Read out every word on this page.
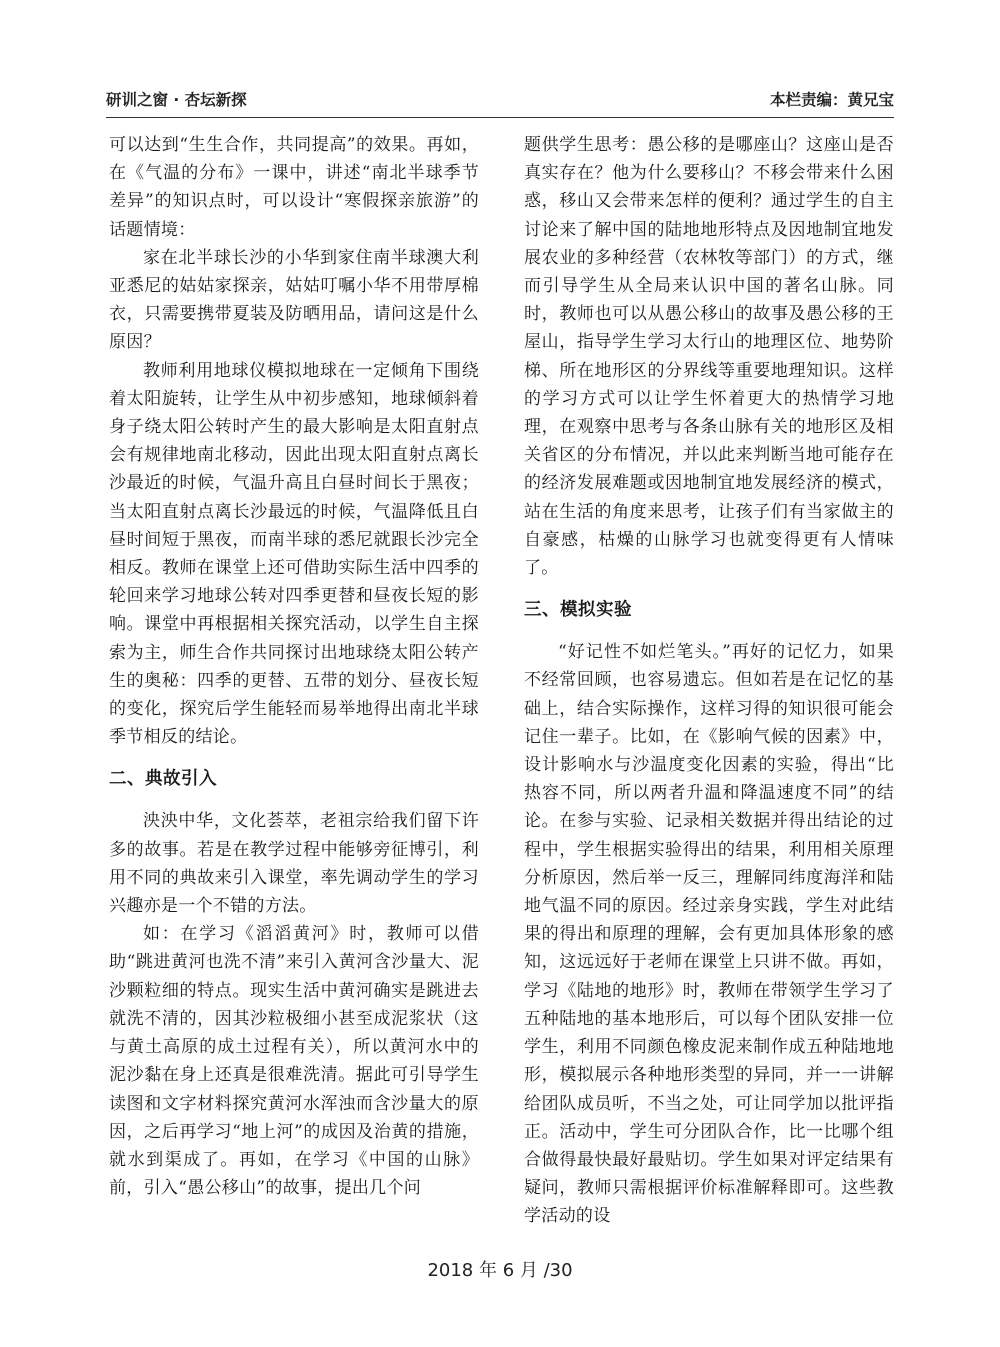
研训之窗 · 杏坛新探	本栏责编：黄兄宝

可以达到“生生合作，共同提高”的效果。再如，在《气温的分布》一课中，讲述“南北半球季节差异”的知识点时，可以设计“寒假探亲旅游”的话题情境：

家在北半球长沙的小华到家住南半球澳大利亚悉尼的姑姑家探亲，姑姑叮嘱小华不用带厚棉衣，只需要携带夏装及防晒用品，请问这是什么原因？

教师利用地球仪模拟地球在一定倾角下围绕着太阳旋转，让学生从中初步感知，地球倾斜着身子绕太阳公转时产生的最大影响是太阳直射点会有规律地南北移动，因此出现太阳直射点离长沙最近的时候，气温升高且白昼时间长于黑夜；当太阳直射点离长沙最远的时候，气温降低且白昼时间短于黑夜，而南半球的悉尼就跟长沙完全相反。教师在课堂上还可借助实际生活中四季的轮回来学习地球公转对四季更替和昼夜长短的影响。课堂中再根据相关探究活动，以学生自主探索为主，师生合作共同探讨出地球绕太阳公转产生的奥秘：四季的更替、五带的划分、昼夜长短的变化，探究后学生能轻而易举地得出南北半球季节相反的结论。

二、典故引入

泱泱中华，文化荟萃，老祖宗给我们留下许多的故事。若是在教学过程中能够旁征博引，利用不同的典故来引入课堂，率先调动学生的学习兴趣亦是一个不错的方法。

如：在学习《滔滔黄河》时，教师可以借助“跳进黄河也洗不清”来引入黄河含沙量大、泥沙颗粒细的特点。现实生活中黄河确实是跳进去就洗不清的，因其沙粒极细小甚至成泥浆状（这与黄土高原的成土过程有关），所以黄河水中的泥沙黏在身上还真是很难洗清。据此可引导学生读图和文字材料探究黄河水浑浊而含沙量大的原因，之后再学习“地上河”的成因及治黄的措施，就水到渠成了。再如，在学习《中国的山脉》前，引入“愚公移山”的故事，提出几个问

题供学生思考：愚公移的是哪座山？这座山是否真实存在？他为什么要移山？不移会带来什么困惑，移山又会带来怎样的便利？通过学生的自主讨论来了解中国的陆地地形特点及因地制宜地发展农业的多种经营（农林牧等部门）的方式，继而引导学生从全局来认识中国的著名山脉。同时，教师也可以从愚公移山的故事及愚公移的王屋山，指导学生学习太行山的地理区位、地势阶梯、所在地形区的分界线等重要地理知识。这样的学习方式可以让学生怀着更大的热情学习地理，在观察中思考与各条山脉有关的地形区及相关省区的分布情况，并以此来判断当地可能存在的经济发展难题或因地制宜地发展经济的模式，站在生活的角度来思考，让孩子们有当家做主的自豪感，枯燥的山脉学习也就变得更有人情味了。

三、模拟实验

“好记性不如烂笔头。”再好的记忆力，如果不经常回顾，也容易遗忘。但如若是在记忆的基础上，结合实际操作，这样习得的知识很可能会记住一辈子。比如，在《影响气候的因素》中，设计影响水与沙温度变化因素的实验，得出“比热容不同，所以两者升温和降温速度不同”的结论。在参与实验、记录相关数据并得出结论的过程中，学生根据实验得出的结果，利用相关原理分析原因，然后举一反三，理解同纬度海洋和陆地气温不同的原因。经过亲身实践，学生对此结果的得出和原理的理解，会有更加具体形象的感知，这远远好于老师在课堂上只讲不做。再如，学习《陆地的地形》时，教师在带领学生学习了五种陆地的基本地形后，可以每个团队安排一位学生，利用不同颜色橡皮泥来制作成五种陆地地形，模拟展示各种地形类型的异同，并一一讲解给团队成员听，不当之处，可让同学加以批评指正。活动中，学生可分团队合作，比一比哪个组合做得最快最好最贴切。学生如果对评定结果有疑问，教师只需根据评价标准解释即可。这些教学活动的设

2018 年 6 月 /30
